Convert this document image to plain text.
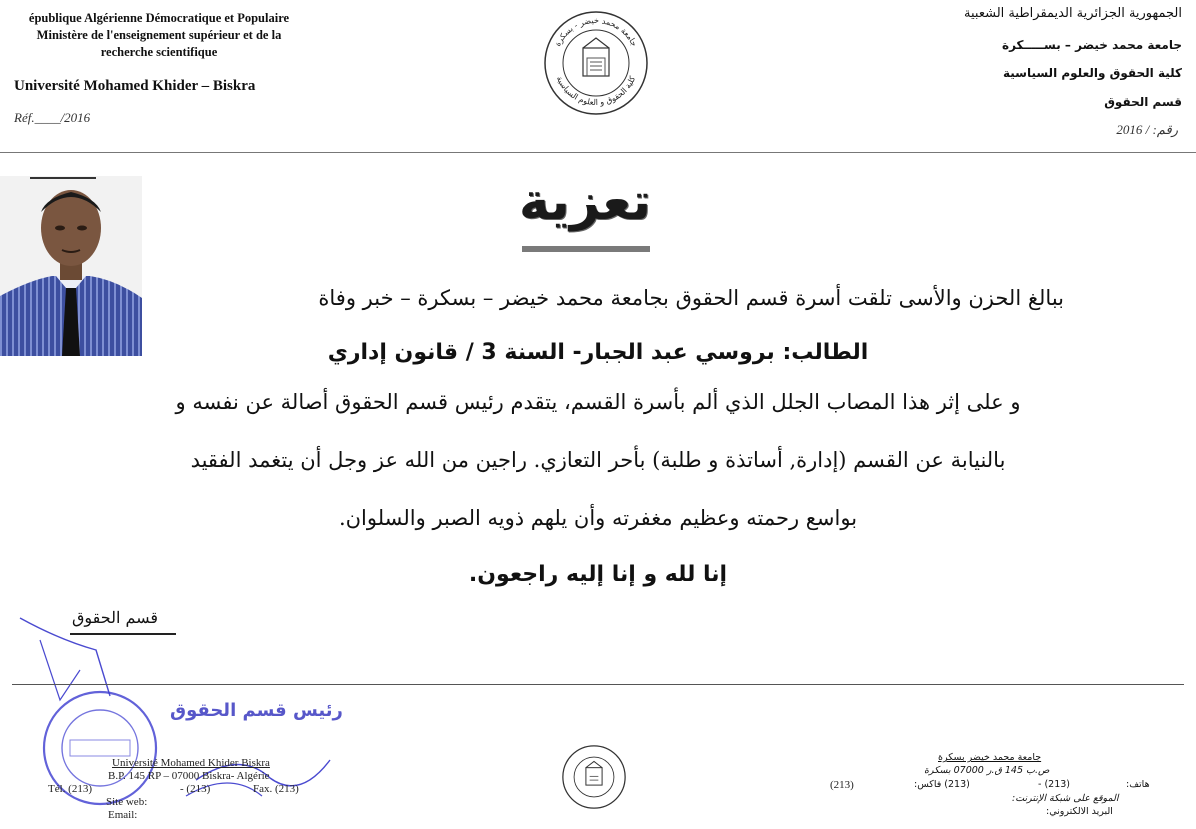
épublique Algérienne Démocratique et Populaire
Ministère de l'enseignement supérieur et de la
recherche scientifique
Université Mohamed Khider – Biskra
Réf.____/2016
الجمهورية الجزائرية الديمقراطية الشعبية
جامعة محمد خيضر – بســـــكرة
كلية الحقوق والعلوم السياسية
قسم الحقوق
رقم: / 2016
جامعة محمد خيضر - بسكرة
كلية الحقوق و العلوم السياسية
تعزية
ببالغ الحزن والأسى تلقت أسرة قسم الحقوق بجامعة محمد خيضر – بسكرة – خبر وفاة
الطالب: بروسي عبد الجبار- السنة 3 / قانون إداري
و على إثر هذا المصاب الجلل الذي ألم بأسرة القسم، يتقدم رئيس قسم الحقوق أصالة عن نفسه و
بالنيابة عن القسم (إدارة, أساتذة و طلبة) بأحر التعازي. راجين من الله عز وجل أن يتغمد الفقيد
بواسع رحمته وعظيم مغفرته وأن يلهم ذويه الصبر والسلوان.
إنا لله و إنا إليه راجعون.
قسم الحقوق
رئيس قسم الحقوق
Université Mohamed Khider Biskra
B.P. 145 RP – 07000 Biskra- Algérie
Tél. (213)	- (213)	Fax. (213)
Site web:
Email:
(213)
جامعة محمد خيضر بسكرة
ص.ب 145 ق.ر 07000 بسكرة
(213) فاكس:	(213) -	هاتف:
الموقع على شبكة الإنترنت:
البريد الالكتروني:
